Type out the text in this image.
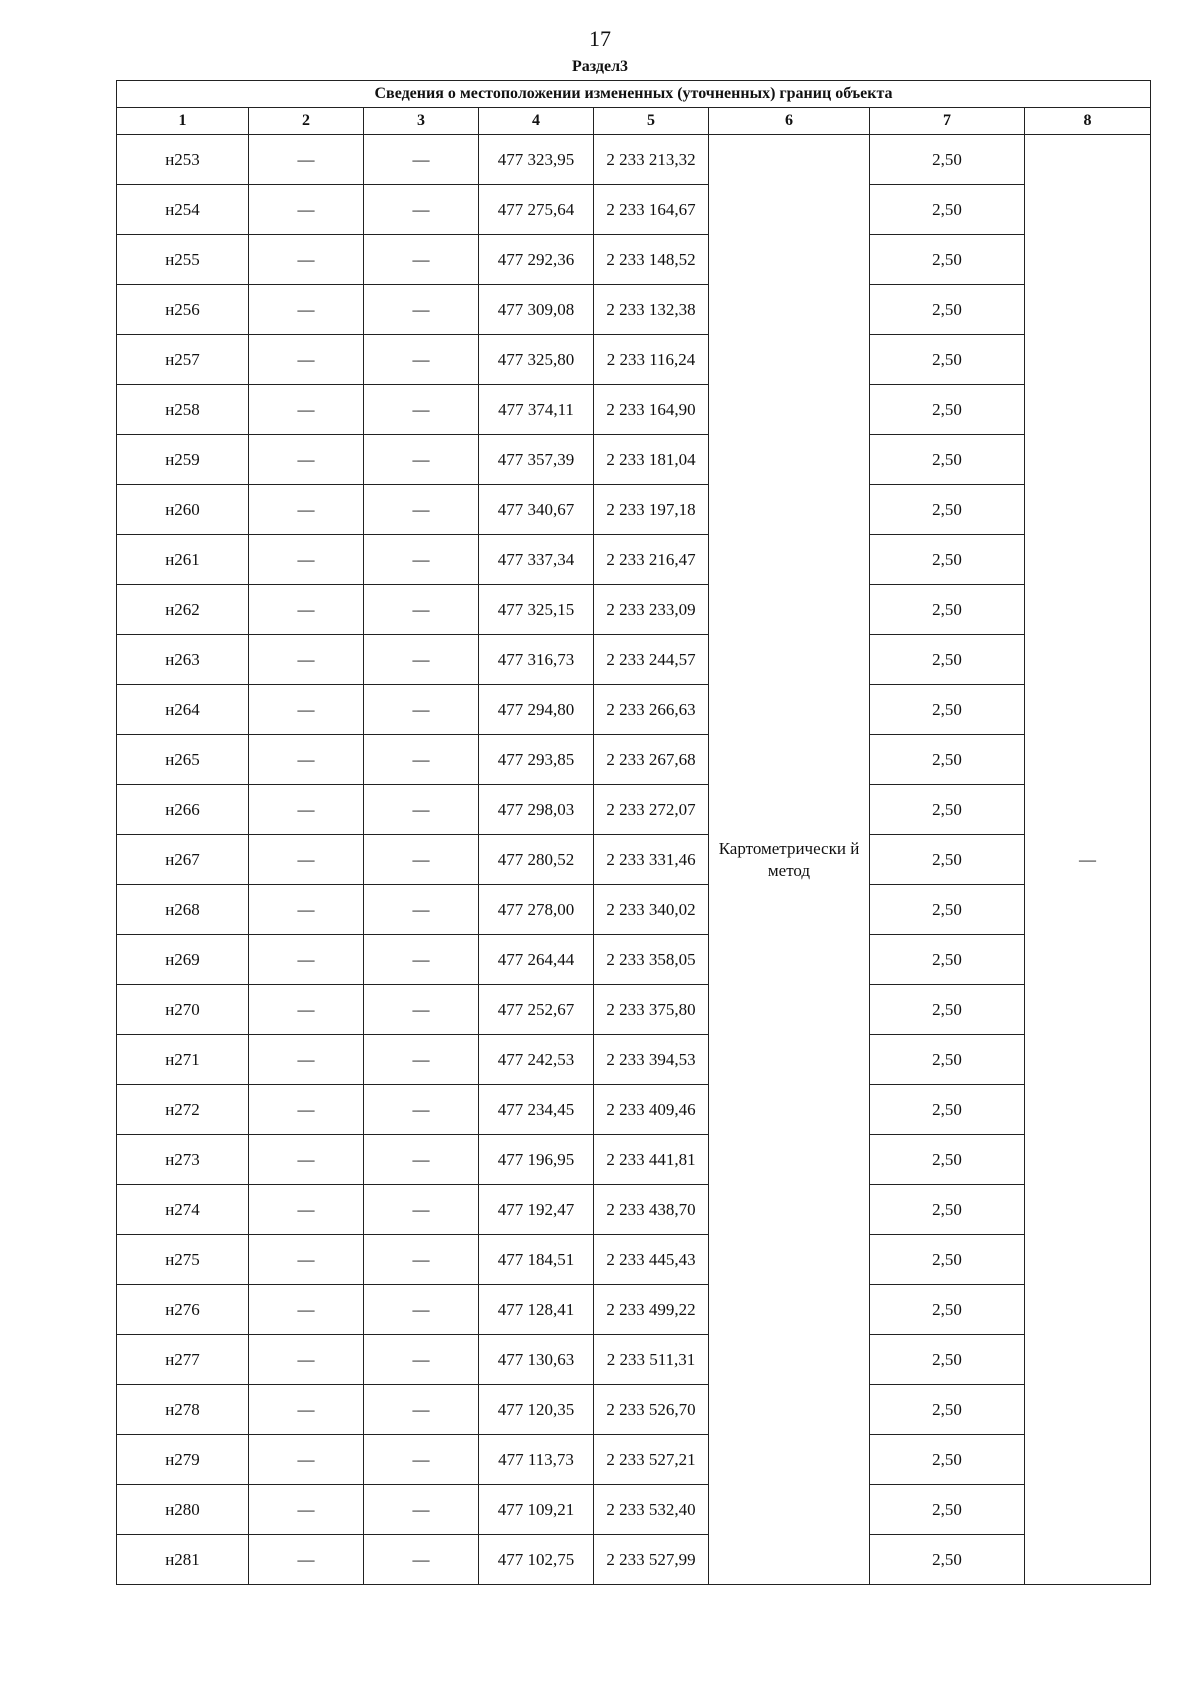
17
Раздел3
Сведения о местоположении измененных (уточненных) границ объекта							
1	2	3	4	5	6	7	8
н253	—	—	477 323,95	2 233 213,32	Картометрически й метод	2,50	—
н254	—	—	477 275,64	2 233 164,67		2,50	
н255	—	—	477 292,36	2 233 148,52		2,50	
н256	—	—	477 309,08	2 233 132,38		2,50	
н257	—	—	477 325,80	2 233 116,24		2,50	
н258	—	—	477 374,11	2 233 164,90		2,50	
н259	—	—	477 357,39	2 233 181,04		2,50	
н260	—	—	477 340,67	2 233 197,18		2,50	
н261	—	—	477 337,34	2 233 216,47		2,50	
н262	—	—	477 325,15	2 233 233,09		2,50	
н263	—	—	477 316,73	2 233 244,57		2,50	
н264	—	—	477 294,80	2 233 266,63		2,50	
н265	—	—	477 293,85	2 233 267,68		2,50	
н266	—	—	477 298,03	2 233 272,07		2,50	
н267	—	—	477 280,52	2 233 331,46		2,50	
н268	—	—	477 278,00	2 233 340,02		2,50	
н269	—	—	477 264,44	2 233 358,05		2,50	
н270	—	—	477 252,67	2 233 375,80		2,50	
н271	—	—	477 242,53	2 233 394,53		2,50	
н272	—	—	477 234,45	2 233 409,46		2,50	
н273	—	—	477 196,95	2 233 441,81		2,50	
н274	—	—	477 192,47	2 233 438,70		2,50	
н275	—	—	477 184,51	2 233 445,43		2,50	
н276	—	—	477 128,41	2 233 499,22		2,50	
н277	—	—	477 130,63	2 233 511,31		2,50	
н278	—	—	477 120,35	2 233 526,70		2,50	
н279	—	—	477 113,73	2 233 527,21		2,50	
н280	—	—	477 109,21	2 233 532,40		2,50	
н281	—	—	477 102,75	2 233 527,99		2,50	
